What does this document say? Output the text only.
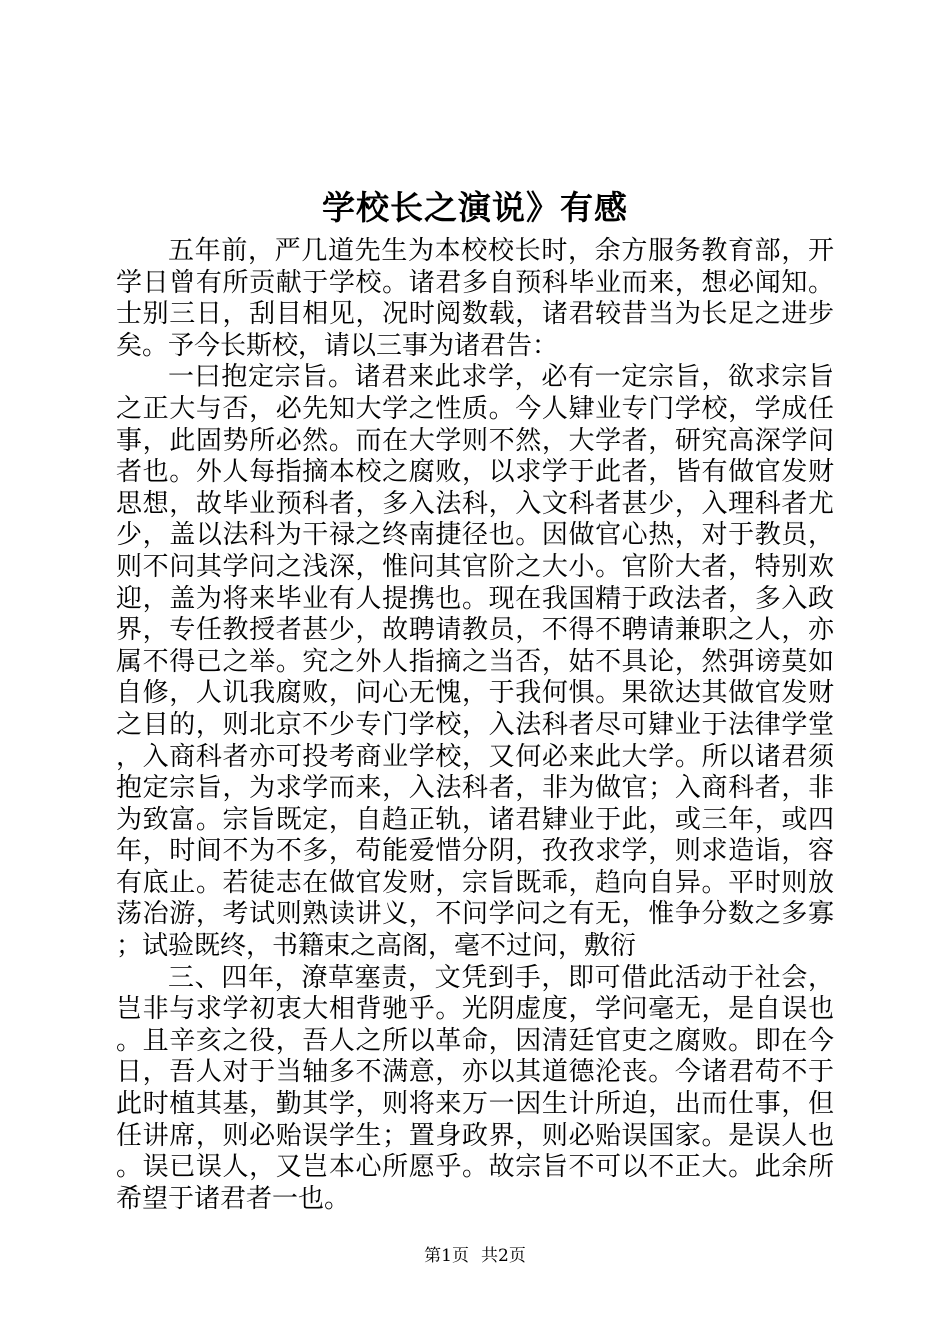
学校长之演说》有感

五年前，严几道先生为本校校长时，余方服务教育部，开学日曾有所贡献于学校。诸君多自预科毕业而来，想必闻知。士别三日，刮目相见，况时阅数载，诸君较昔当为长足之进步矣。予今长斯校，请以三事为诸君告：

一曰抱定宗旨。诸君来此求学，必有一定宗旨，欲求宗旨之正大与否，必先知大学之性质。今人肄业专门学校，学成任事，此固势所必然。而在大学则不然，大学者，研究高深学问者也。外人每指摘本校之腐败，以求学于此者，皆有做官发财思想，故毕业预科者，多入法科，入文科者甚少，入理科者尤少，盖以法科为干禄之终南捷径也。因做官心热，对于教员，则不问其学问之浅深，惟问其官阶之大小。官阶大者，特别欢迎，盖为将来毕业有人提携也。现在我国精于政法者，多入政界，专任教授者甚少，故聘请教员，不得不聘请兼职之人，亦属不得已之举。究之外人指摘之当否，姑不具论，然弭谤莫如自修，人讥我腐败，问心无愧，于我何惧。果欲达其做官发财之目的，则北京不少专门学校，入法科者尽可肄业于法律学堂，入商科者亦可投考商业学校，又何必来此大学。所以诸君须抱定宗旨，为求学而来，入法科者，非为做官；入商科者，非为致富。宗旨既定，自趋正轨，诸君肄业于此，或三年，或四年，时间不为不多，苟能爱惜分阴，孜孜求学，则求造诣，容有底止。若徒志在做官发财，宗旨既乖，趋向自异。平时则放荡冶游，考试则熟读讲义，不问学问之有无，惟争分数之多寡；试验既终，书籍束之高阁，毫不过问，敷衍

三、四年，潦草塞责，文凭到手，即可借此活动于社会，岂非与求学初衷大相背驰乎。光阴虚度，学问毫无，是自误也。且辛亥之役，吾人之所以革命，因清廷官吏之腐败。即在今日，吾人对于当轴多不满意，亦以其道德沦丧。今诸君苟不于此时植其基，勤其学，则将来万一因生计所迫，出而仕事，但任讲席，则必贻误学生；置身政界，则必贻误国家。是误人也。误已误人，又岂本心所愿乎。故宗旨不可以不正大。此余所希望于诸君者一也。

第1页 共2页
